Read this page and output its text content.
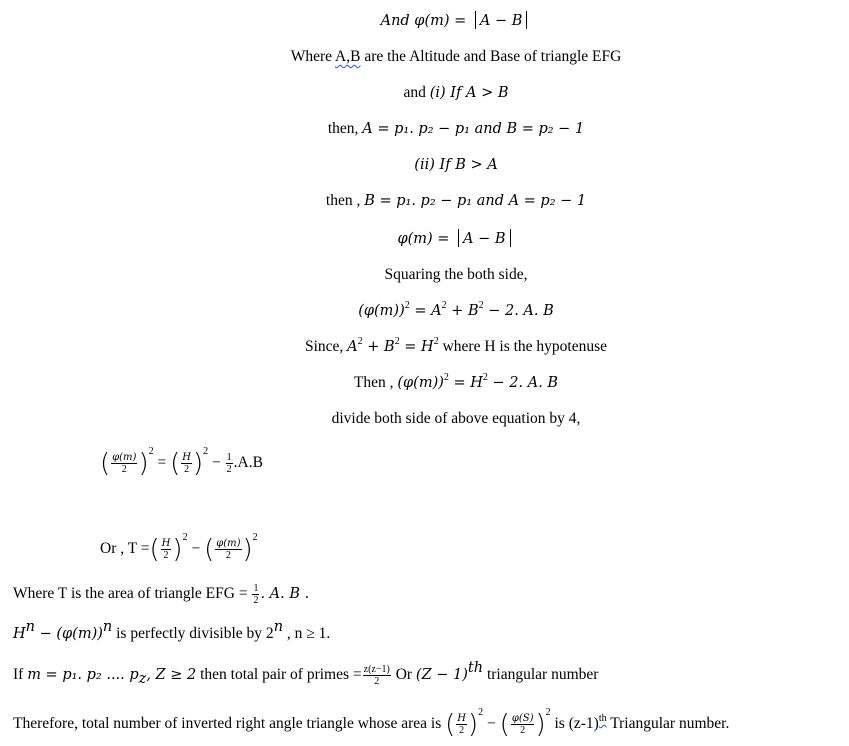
And φ(m) = A − B
Where A,B are the Altitude and Base of triangle EFG
and (i) If A > B
then, A = p₁. p₂ − p₁ and B = p₂ − 1
(ii) If B > A
then , B = p₁. p₂ − p₁ and A = p₂ − 1
φ(m) = A − B
Squaring the both side,
$(\varphi(m))^2 = A^2 + B^2 - 2$. A. B
Since, $A^2 + B^2 = H^2$ where H is the hypotenuse
Then , $(\varphi(m))^2 = H^2 - 2$. A. B
divide both side of above equation by 4,
( $\frac{\varphi(m)}{2} )^2$ = ( $\frac{H}{2} )^2 - \frac{1}{2} .A.B$
Or , T =( $\frac{H}{2} )^2$ − ( $\frac{\varphi(m)}{2} )^2$
Where T is the area of triangle EFG = $\frac{1}{2}$ . A. B .
$H^n - (\varphi(m))^n$ is perfectly divisible by 2$^n$ , n ≥ 1.
If m = p₁. p₂ .... $p_z$, Z ≥ 2 then total pair of primes = $\frac{z(z-1)}{2}$ Or $(Z - 1)^{th}$ triangular number
Therefore, total number of inverted right angle triangle whose area is ( $\frac{H}{2} )^2$ − ( $\frac{\varphi(S)}{2} )^2$ is $(z-1)^{th}$ Triangular number.
